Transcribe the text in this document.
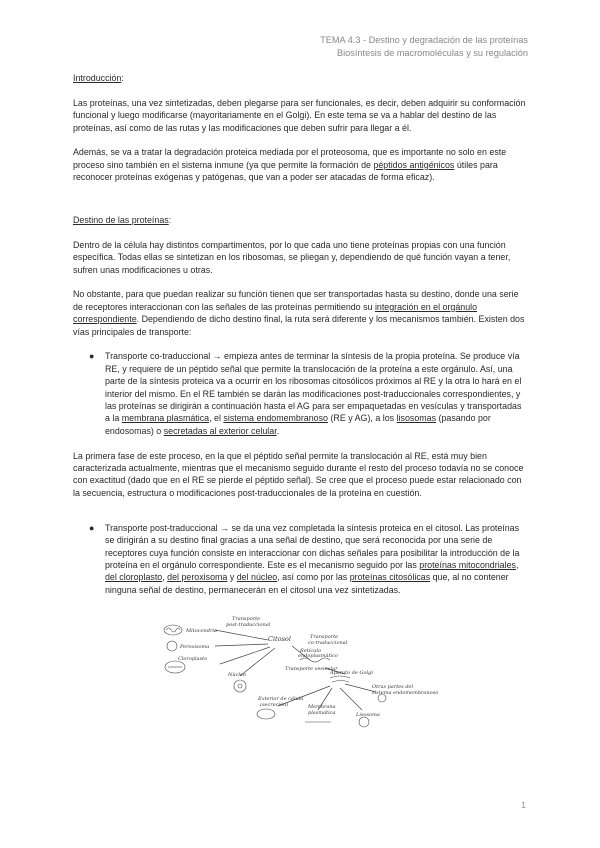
TEMA 4.3 - Destino y degradación de las proteínas
Biosíntesis de macromoléculas y su regulación

Introducción:

Las proteínas, una vez sintetizadas, deben plegarse para ser funcionales, es decir, deben adquirir su conformación funcional y luego modificarse (mayoritariamente en el Golgi). En este tema se va a hablar del destino de las proteínas, así como de las rutas y las modificaciones que deben sufrir para llegar a él.

Además, se va a tratar la degradación proteica mediada por el proteosoma, que es importante no solo en este proceso sino también en el sistema inmune (ya que permite la formación de péptidos antigénicos útiles para reconocer proteínas exógenas y patógenas, que van a poder ser atacadas de forma eficaz).

Destino de las proteínas:

Dentro de la célula hay distintos compartimentos, por lo que cada uno tiene proteínas propias con una función específica. Todas ellas se sintetizan en los ribosomas, se pliegan y, dependiendo de qué función vayan a tener, sufren unas modificaciones u otras.

No obstante, para que puedan realizar su función tienen que ser transportadas hasta su destino, donde una serie de receptores interaccionan con las señales de las proteínas permitiendo su integración en el orgánulo correspondiente. Dependiendo de dicho destino final, la ruta será diferente y los mecanismos también. Existen dos vías principales de transporte:

● Transporte co-traduccional → empieza antes de terminar la síntesis de la propia proteína. Se produce vía RE, y requiere de un péptido señal que permite la translocación de la proteína a este orgánulo. Así, una parte de la síntesis proteica va a ocurrir en los ribosomas citosólicos próximos al RE y la otra lo hará en el interior del mismo. En el RE también se darán las modificaciones post-traduccionales correspondientes, y las proteínas se dirigirán a continuación hasta el AG para ser empaquetadas en vesículas y transportadas a la membrana plasmática, el sistema endomembranoso (RE y AG), a los lisosomas (pasando por endosomas) o secretadas al exterior celular.

La primera fase de este proceso, en la que el péptido señal permite la translocación al RE, está muy bien caracterizada actualmente, mientras que el mecanismo seguido durante el resto del proceso todavía no se conoce con exactitud (dado que en el RE se pierde el péptido señal). Se cree que el proceso puede estar relacionado con la secuencia, estructura o modificaciones post-traduccionales de la proteína en cuestión.

● Transporte post-traduccional → se da una vez completada la síntesis proteica en el citosol. Las proteínas se dirigirán a su destino final gracias a una señal de destino, que será reconocida por una serie de receptores cuya función consiste en interaccionar con dichas señales para posibilitar la introducción de la proteína en el orgánulo correspondiente. Este es el mecanismo seguido por las proteínas mitocondriales, del cloroplasto, del peroxisoma y del núcleo, así como por las proteínas citosólicas que, al no contener ninguna señal de destino, permanecerán en el citosol una vez sintetizadas.
Transporte
post-traduccional
Citosol	Transporte
co-traduccional
Mitocondria
Peroxisoma
Cloroplasto
Núcleo
Retículo
endoplasmático
Transporte vesicular
Aparato de Golgi
Exterior de célula
(secreción)	Membrana
plasmática	Lisosoma
Otras partes del
sistema endomembranoso
1
